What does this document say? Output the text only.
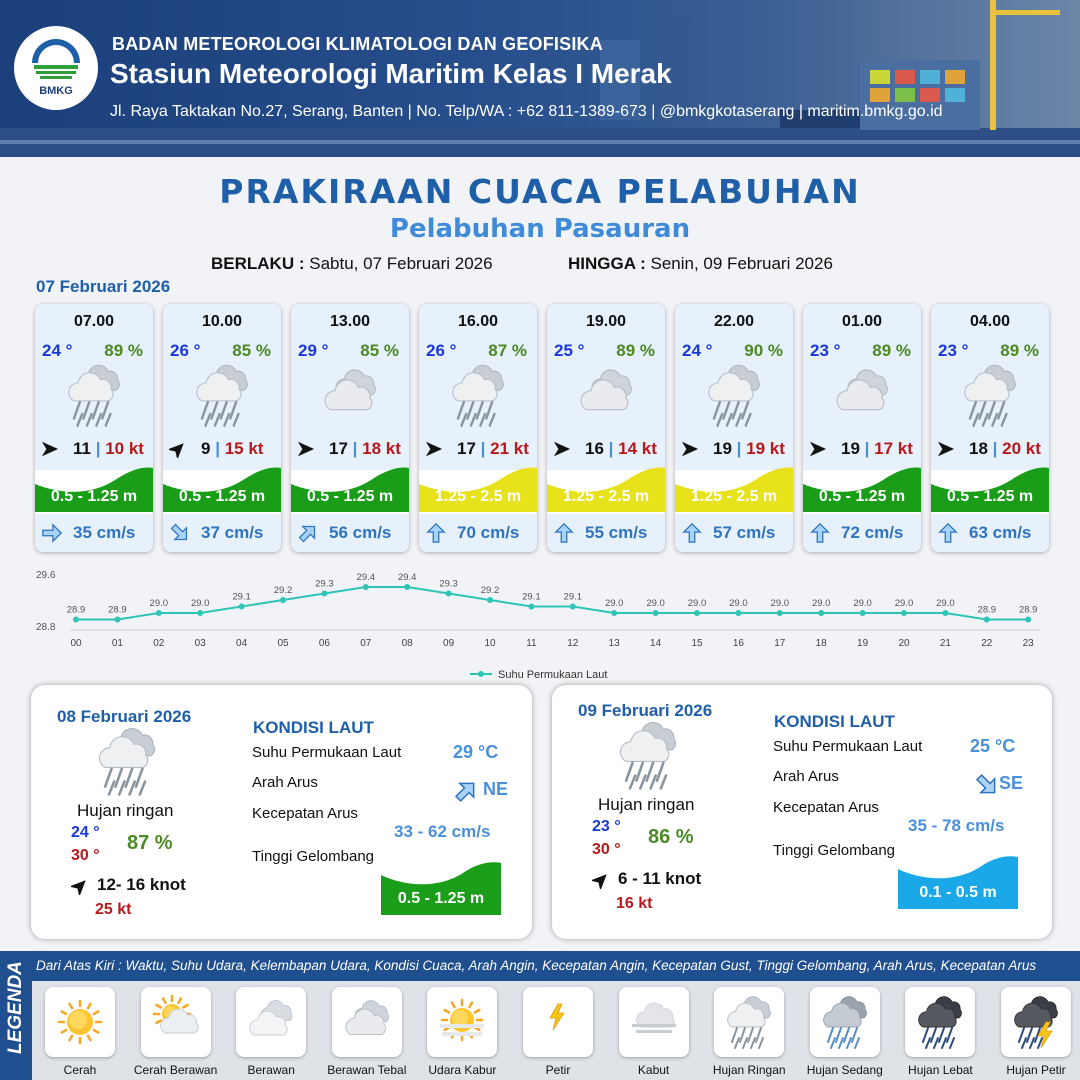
BMKG
BADAN METEOROLOGI KLIMATOLOGI DAN GEOFISIKA
Stasiun Meteorologi Maritim Kelas I Merak
Jl. Raya Taktakan No.27, Serang, Banten | No. Telp/WA : +62 811-1389-673 | @bmkgkotaserang | maritim.bmkg.go.id
PRAKIRAAN CUACA PELABUHAN
Pelabuhan Pasauran
BERLAKU : Sabtu, 07 Februari 2026	HINGGA : Senin, 09 Februari 2026
07 Februari 2026
07.00
24 ° 89 %
11 | 10 kt
0.5 - 1.25 m
35 cm/s
10.00
26 ° 85 %
9 | 15 kt
0.5 - 1.25 m
37 cm/s
13.00
29 ° 85 %
17 | 18 kt
0.5 - 1.25 m
56 cm/s
16.00
26 ° 87 %
17 | 21 kt
1.25 - 2.5 m
70 cm/s
19.00
25 ° 89 %
16 | 14 kt
1.25 - 2.5 m
55 cm/s
22.00
24 ° 90 %
19 | 19 kt
1.25 - 2.5 m
57 cm/s
01.00
23 ° 89 %
19 | 17 kt
0.5 - 1.25 m
72 cm/s
04.00
23 ° 89 %
18 | 20 kt
0.5 - 1.25 m
63 cm/s
29.6
28.8
28.9
00
28.9
01
29.0
02
29.0
03
29.1
04
29.2
05
29.3
06
29.4
07
29.4
08
29.3
09
29.2
10
29.1
11
29.1
12
29.0
13
29.0
14
29.0
15
29.0
16
29.0
17
29.0
18
29.0
19
29.0
20
29.0
21
28.9
22
28.9
23
Suhu Permukaan Laut
08 Februari 2026
Hujan ringan
24 °
30 °
87 %
12- 16 knot
25 kt
KONDISI LAUT
Suhu Permukaan Laut	29 °C
Arah Arus	NE
Kecepatan Arus
33 - 62 cm/s
Tinggi Gelombang
0.5 - 1.25 m
09 Februari 2026
Hujan ringan
23 °
30 °
86 %
6 - 11 knot
16 kt
KONDISI LAUT
Suhu Permukaan Laut	25 °C
Arah Arus	SE
Kecepatan Arus
35 - 78 cm/s
Tinggi Gelombang
0.1 - 0.5 m
LEGENDA Dari Atas Kiri : Waktu, Suhu Udara, Kelembapan Udara, Kondisi Cuaca, Arah Angin, Kecepatan Angin, Kecepatan Gust, Tinggi Gelombang, Arah Arus, Kecepatan Arus
Cerah	Cerah Berawan	Berawan	Berawan Tebal	Udara Kabur	Petir	Kabut	Hujan Ringan	Hujan Sedang	Hujan Lebat	Hujan Petir
